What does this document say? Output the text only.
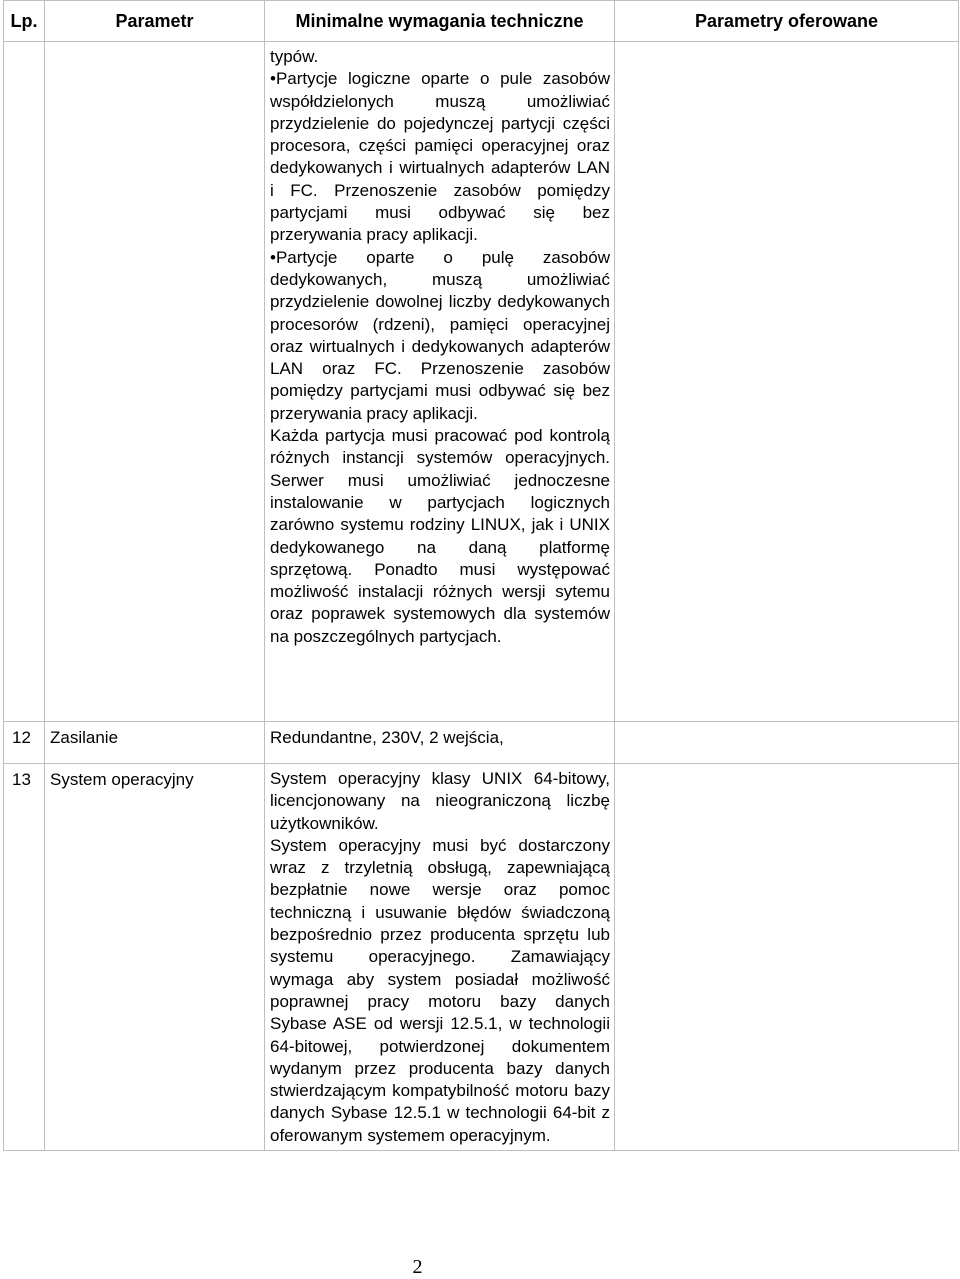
Lp.	Parametr	Minimalne wymagania techniczne	Parametry oferowane

		typów.

•Partycje logiczne oparte o pule zasobów współdzielonych muszą umożliwiać przydzielenie do pojedynczej partycji części procesora, części pamięci operacyjnej oraz dedykowanych i wirtualnych adapterów LAN i FC. Przenoszenie zasobów pomiędzy partycjami musi odbywać się bez przerywania pracy aplikacji.

•Partycje oparte o pulę zasobów dedykowanych, muszą umożliwiać przydzielenie dowolnej liczby dedykowanych procesorów (rdzeni), pamięci operacyjnej oraz wirtualnych i dedykowanych adapterów LAN oraz FC. Przenoszenie zasobów pomiędzy partycjami musi odbywać się bez przerywania pracy aplikacji.

Każda partycja musi pracować pod kontrolą różnych instancji systemów operacyjnych. Serwer musi umożliwiać jednoczesne instalowanie w partycjach logicznych zarówno systemu rodziny LINUX, jak i UNIX dedykowanego na daną platformę sprzętową. Ponadto musi występować możliwość instalacji różnych wersji sytemu oraz poprawek systemowych dla systemów na poszczególnych partycjach.	

12	Zasilanie	Redundantne, 230V, 2 wejścia,	
13	System operacyjny	System operacyjny klasy UNIX 64-bitowy, licencjonowany na nieograniczoną liczbę użytkowników.

System operacyjny musi być dostarczony wraz z trzyletnią obsługą, zapewniającą bezpłatnie nowe wersje oraz pomoc techniczną i usuwanie błędów świadczoną bezpośrednio przez producenta sprzętu lub systemu operacyjnego. Zamawiający wymaga aby system posiadał możliwość poprawnej pracy motoru bazy danych Sybase ASE od wersji 12.5.1, w technologii 64-bitowej, potwierdzonej dokumentem wydanym przez producenta bazy danych stwierdzającym kompatybilność motoru bazy danych Sybase 12.5.1 w technologii 64-bit z oferowanym systemem operacyjnym.	

2
